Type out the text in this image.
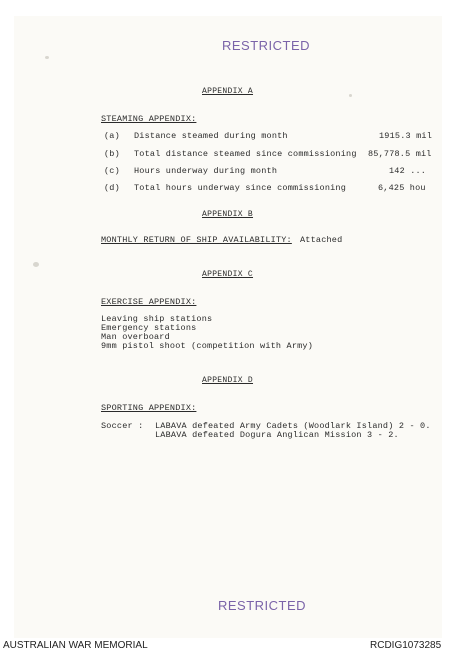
RESTRICTED
APPENDIX A
STEAMING APPENDIX:
(a) Distance steamed during month	1915.3 mil
(b) Total distance steamed since commissioning 85,778.5 mil
(c) Hours underway during month	142 ...
(d) Total hours underway since commissioning	6,425 hou
APPENDIX B
MONTHLY RETURN OF SHIP AVAILABILITY: Attached
APPENDIX C
EXERCISE APPENDIX:
Leaving ship stations
Emergency stations
Man overboard
9mm pistol shoot (competition with Army)
APPENDIX D
SPORTING APPENDIX:
Soccer : LABAVA defeated Army Cadets (Woodlark Island) 2 - 0.
LABAVA defeated Dogura Anglican Mission 3 - 2.
RESTRICTED
AUSTRALIAN WAR MEMORIAL	RCDIG1073285
